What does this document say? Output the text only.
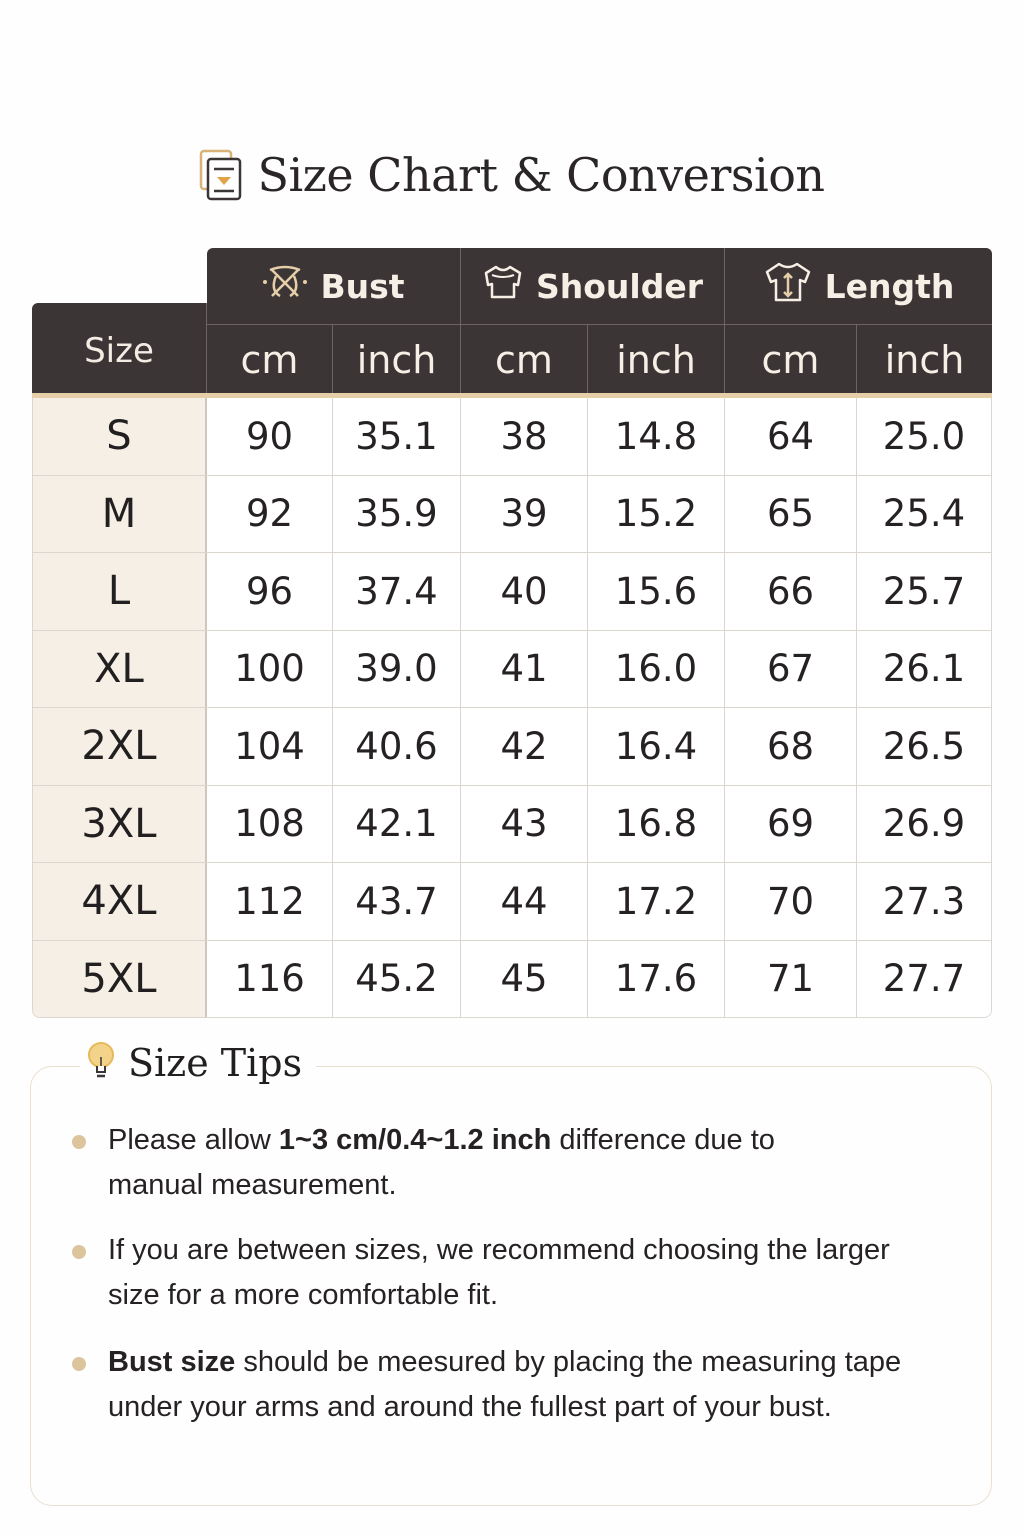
Size Chart & Conversion
Size	cm	inch	cm	inch	cm	inch
Bust	Shoulder	Length
S	90	35.1	38	14.8	64	25.0
M	92	35.9	39	15.2	65	25.4
L	96	37.4	40	15.6	66	25.7
XL	100	39.0	41	16.0	67	26.1
2XL	104	40.6	42	16.4	68	26.5
3XL	108	42.1	43	16.8	69	26.9
4XL	112	43.7	44	17.2	70	27.3
5XL	116	45.2	45	17.6	71	27.7
Size Tips

Please allow 1~3 cm/0.4~1.2 inch difference due to manual measurement.

If you are between sizes, we recommend choosing the larger size for a more comfortable fit.

Bust size should be meesured by placing the measuring tape under your arms and around the fullest part of your bust.
